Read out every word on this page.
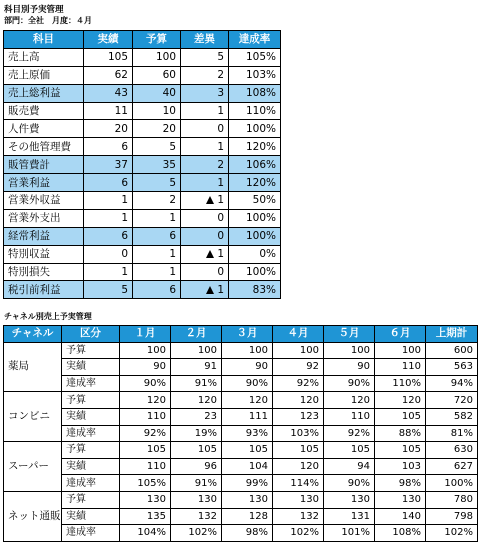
科目別予実管理
部門：全社　月度：４月
科目	実績	予算	差異	達成率
売上高	105	100	5	105%
売上原価	62	60	2	103%
売上総利益	43	40	3	108%
販売費	11	10	1	110%
人件費	20	20	0	100%
その他管理費	6	5	1	120%
販管費計	37	35	2	106%
営業利益	6	5	1	120%
営業外収益	1	2	1	50%
営業外支出	1	1	0	100%
経常利益	6	6	0	100%
特別収益	0	1	1	0%
特別損失	1	1	0	100%
税引前利益	5	6	1	83%
チャネル別売上予実管理
チャネル	区分	１月	２月	３月	４月	５月	６月	上期計
薬局	予算	100	100	100	100	100	100	600
	実績	90	91	90	92	90	110	563
	達成率	90%	91%	90%	92%	90%	110%	94%
コンビニ	予算	120	120	120	120	120	120	720
	実績	110	23	111	123	110	105	582
	達成率	92%	19%	93%	103%	92%	88%	81%
スーパー	予算	105	105	105	105	105	105	630
	実績	110	96	104	120	94	103	627
	達成率	105%	91%	99%	114%	90%	98%	100%
ネット通販	予算	130	130	130	130	130	130	780
	実績	135	132	128	132	131	140	798
	達成率	104%	102%	98%	102%	101%	108%	102%
